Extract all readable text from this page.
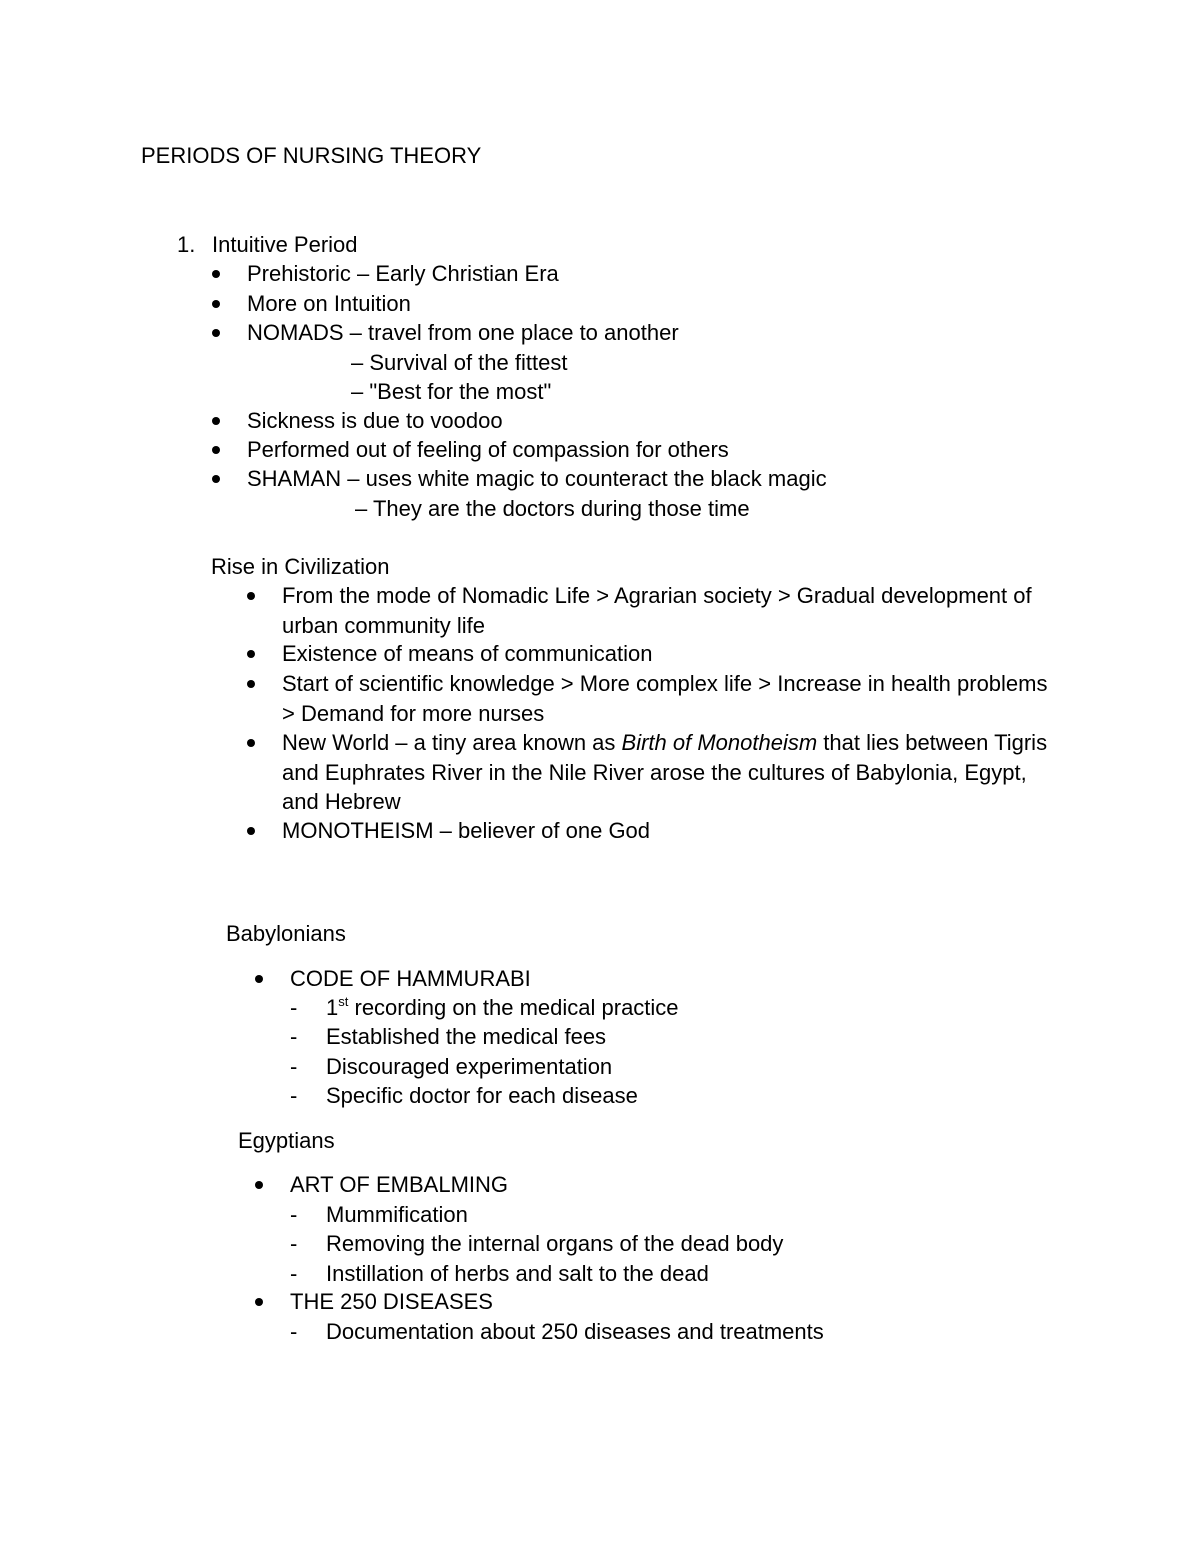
PERIODS OF NURSING THEORY
1. Intuitive Period
Prehistoric – Early Christian Era
More on Intuition
NOMADS – travel from one place to another
– Survival of the fittest
– "Best for the most"
Sickness is due to voodoo
Performed out of feeling of compassion for others
SHAMAN – uses white magic to counteract the black magic
– They are the doctors during those time
Rise in Civilization
From the mode of Nomadic Life > Agrarian society > Gradual development of urban community life
Existence of means of communication
Start of scientific knowledge > More complex life > Increase in health problems > Demand for more nurses
New World – a tiny area known as Birth of Monotheism that lies between Tigris and Euphrates River in the Nile River arose the cultures of Babylonia, Egypt, and Hebrew
MONOTHEISM – believer of one God
Babylonians
CODE OF HAMMURABI
- 1st recording on the medical practice
- Established the medical fees
- Discouraged experimentation
- Specific doctor for each disease
Egyptians
ART OF EMBALMING
- Mummification
- Removing the internal organs of the dead body
- Instillation of herbs and salt to the dead
THE 250 DISEASES
- Documentation about 250 diseases and treatments
